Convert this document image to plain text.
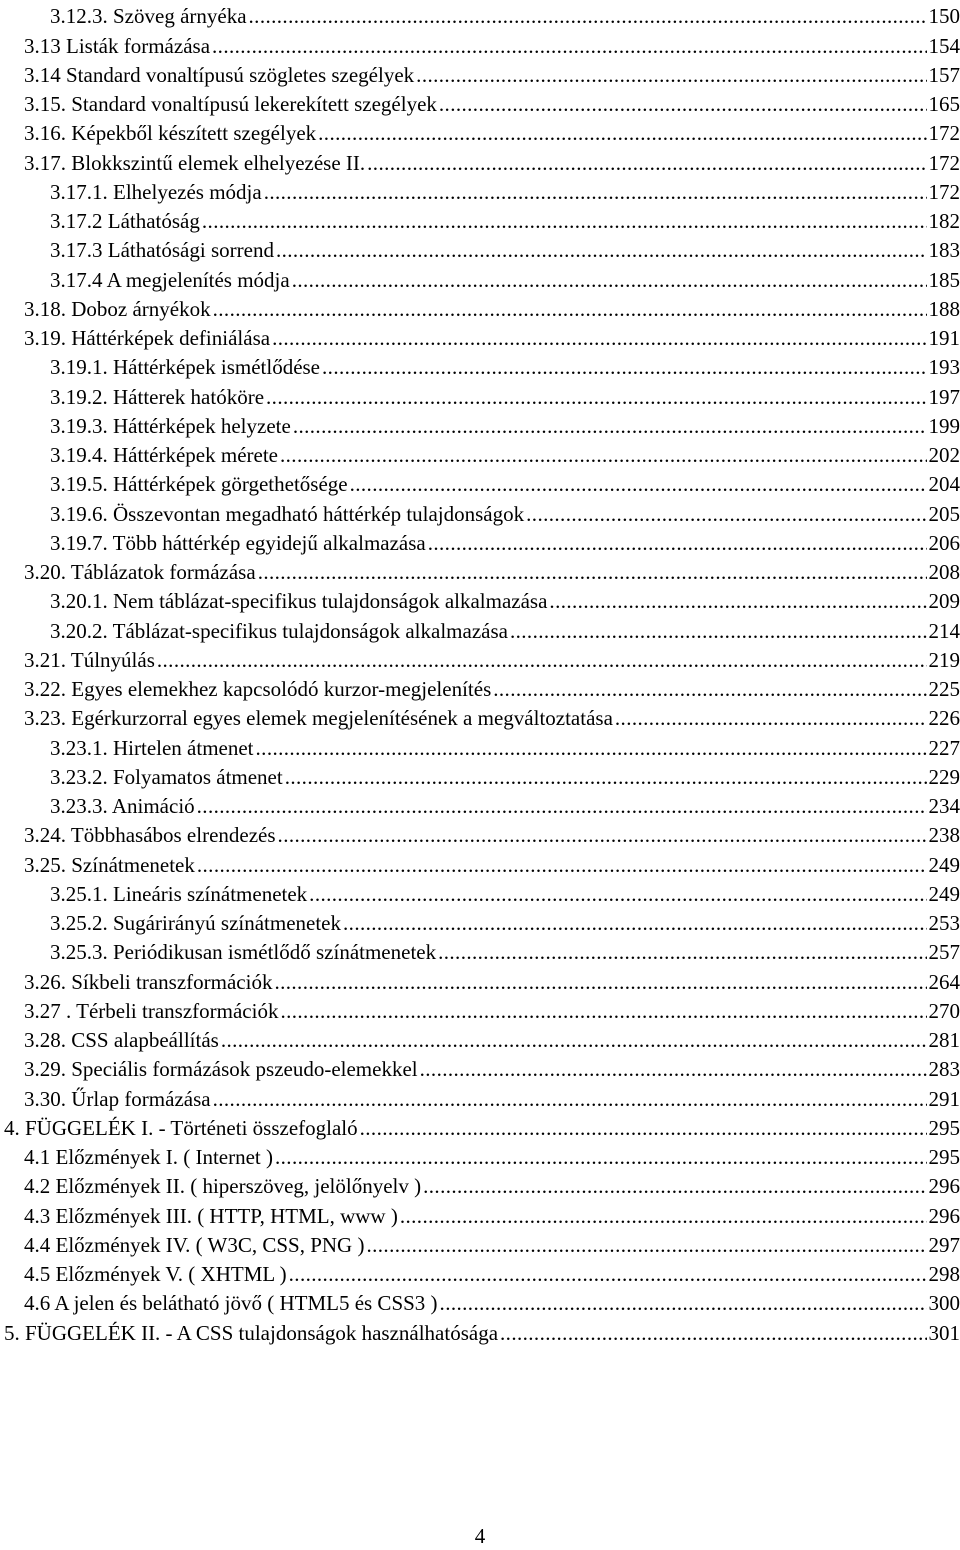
3.12.3. Szöveg árnyéka .....	150
3.13 Listák formázása .....	154
3.14 Standard vonaltípusú szögletes szegélyek .....	157
3.15. Standard vonaltípusú lekerekített szegélyek .....	165
3.16. Képekből készített szegélyek .....	172
3.17. Blokkszintű elemek elhelyezése II. .....	172
3.17.1. Elhelyezés módja .....	172
3.17.2 Láthatóság .....	182
3.17.3 Láthatósági sorrend .....	183
3.17.4 A megjelenítés módja .....	185
3.18. Doboz árnyékok .....	188
3.19. Háttérképek definiálása .....	191
3.19.1. Háttérképek ismétlődése .....	193
3.19.2. Hátterek hatóköre .....	197
3.19.3. Háttérképek helyzete .....	199
3.19.4. Háttérképek mérete .....	202
3.19.5. Háttérképek görgethetősége .....	204
3.19.6. Összevontan megadható háttérkép tulajdonságok .....	205
3.19.7. Több háttérkép egyidejű alkalmazása .....	206
3.20. Táblázatok formázása .....	208
3.20.1. Nem táblázat-specifikus tulajdonságok alkalmazása .....	209
3.20.2. Táblázat-specifikus tulajdonságok alkalmazása .....	214
3.21. Túlnyúlás .....	219
3.22. Egyes elemekhez kapcsolódó kurzor-megjelenítés .....	225
3.23. Egérkurzorral egyes elemek megjelenítésének a megváltoztatása .....	226
3.23.1. Hirtelen átmenet .....	227
3.23.2. Folyamatos átmenet .....	229
3.23.3. Animáció .....	234
3.24. Többhasábos elrendezés .....	238
3.25. Színátmenetek .....	249
3.25.1. Lineáris színátmenetek .....	249
3.25.2. Sugárirányú színátmenetek .....	253
3.25.3. Periódikusan ismétlődő színátmenetek .....	257
3.26. Síkbeli transzformációk .....	264
3.27 . Térbeli transzformációk .....	270
3.28. CSS alapbeállítás .....	281
3.29. Speciális formázások pszeudo-elemekkel .....	283
3.30. Űrlap formázása .....	291
4. FÜGGELÉK I. - Történeti összefoglaló .....	295
4.1 Előzmények I. ( Internet ) .....	295
4.2 Előzmények II. ( hiperszöveg, jelölőnyelv ) .....	296
4.3 Előzmények III. ( HTTP, HTML, www ) .....	296
4.4 Előzmények IV. ( W3C, CSS, PNG ) .....	297
4.5 Előzmények V. ( XHTML ) .....	298
4.6 A jelen és belátható jövő ( HTML5 és CSS3 ) .....	300
5. FÜGGELÉK II. - A CSS tulajdonságok használhatósága .....	301
4
